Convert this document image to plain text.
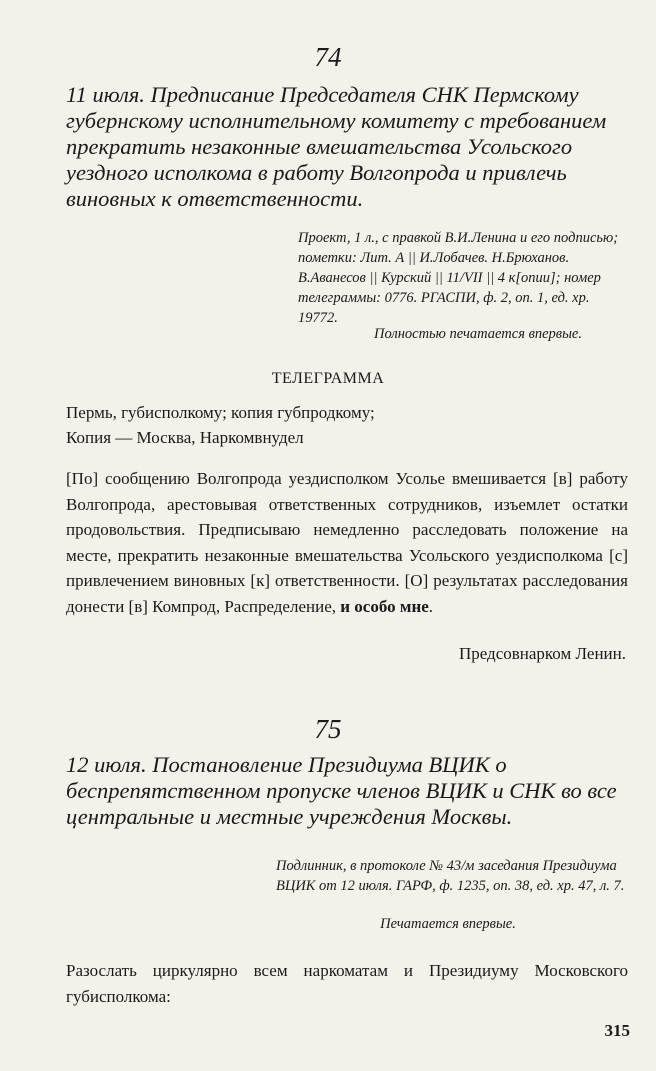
74
11 июля. Предписание Председателя СНК Пермскому губернскому исполнительному комитету с требованием прекратить незаконные вмешательства Усольского уездного исполкома в работу Волгопрода и привлечь виновных к ответственности.
Проект, 1 л., с правкой В.И.Ленина и его подписью; пометки: Лит. А || И.Лобачев. Н.Брюханов. В.Аванесов || Курский || 11/VII || 4 к[опии]; номер телеграммы: 0776. РГАСПИ, ф. 2, оп. 1, ед. хр. 19772.
Полностью печатается впервые.
ТЕЛЕГРАММА
Пермь, губисполкому; копия губпродкому;
Копия — Москва, Наркомвнудел
[По] сообщению Волгопрода уездисполком Усолье вмешивается [в] работу Волгопрода, арестовывая ответственных сотрудников, изъемлет остатки продовольствия. Предписываю немедленно расследовать положение на месте, прекратить незаконные вмешательства Усольского уездисполкома [с] привлечением виновных [к] ответственности. [О] результатах расследования донести [в] Компрод, Распределение, и особо мне.
Предсовнарком Ленин.
75
12 июля. Постановление Президиума ВЦИК о беспрепятственном пропуске членов ВЦИК и СНК во все центральные и местные учреждения Москвы.
Подлинник, в протоколе № 43/м заседания Президиума ВЦИК от 12 июля. ГАРФ, ф. 1235, оп. 38, ед. хр. 47, л. 7.
Печатается впервые.
Разослать циркулярно всем наркоматам и Президиуму Московского губисполкома:
315
